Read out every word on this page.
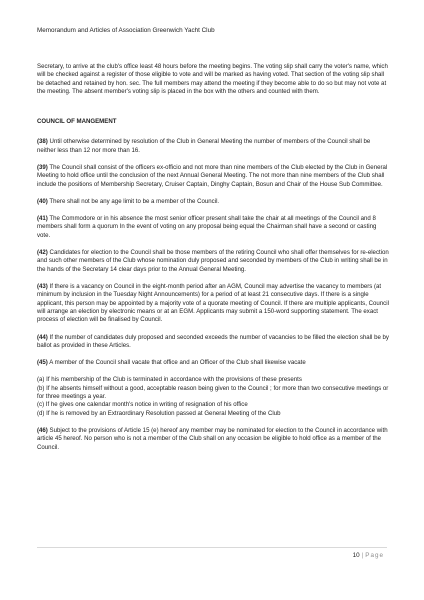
Memorandum and Articles of Association Greenwich Yacht Club

Secretary, to arrive at the club's office least 48 hours before the meeting begins. The voting slip shall carry the voter's name, which will be checked against a register of those eligible to vote and will be marked as having voted. That section of the voting slip shall be detached and retained by hon. sec. The full members may attend the meeting if they become able to do so but may not vote at the meeting. The absent member's voting slip is placed in the box with the others and counted with them.

COUNCIL OF MANGEMENT

(38) Until otherwise determined by resolution of the Club in General Meeting the number of members of the Council shall be neither less than 12 nor more than 16.

(39) The Council shall consist of the officers ex-officio and not more than nine members of the Club elected by the Club in General Meeting to hold office until the conclusion of the next Annual General Meeting. The not more than nine members of the Club shall include the positions of Membership Secretary, Cruiser Captain, Dinghy Captain, Bosun and Chair of the House Sub Committee.

(40) There shall not be any age limit to be a member of the Council.

(41) The Commodore or in his absence the most senior officer present shall take the chair at all meetings of the Council and 8 members shall form a quorum In the event of voting on any proposal being equal the Chairman shall have a second or casting vote.

(42) Candidates for election to the Council shall be those members of the retiring Council who shall offer themselves for re-election and such other members of the Club whose nomination duly proposed and seconded by members of the Club in writing shall be in the hands of the Secretary 14 clear days prior to the Annual General Meeting.

(43) If there is a vacancy on Council in the eight-month period after an AGM, Council may advertise the vacancy to members (at minimum by inclusion in the Tuesday Night Announcements) for a period of at least 21 consecutive days. If there is a single applicant, this person may be appointed by a majority vote of a quorate meeting of Council. If there are multiple applicants, Council will arrange an election by electronic means or at an EGM. Applicants may submit a 150-word supporting statement. The exact process of election will be finalised by Council.

(44) If the number of candidates duly proposed and seconded exceeds the number of vacancies to be filled the election shall be by ballot as provided in these Articles.

(45) A member of the Council shall vacate that office and an Officer of the Club shall likewise vacate

(a) If his membership of the Club is terminated in accordance with the provisions of these presents

(b) If he absents himself without a good, acceptable reason being given to the Council ; for more than two consecutive meetings or for three meetings a year.

(c) If he gives one calendar month's notice in writing of resignation of his office

(d) If he is removed by an Extraordinary Resolution passed at General Meeting of the Club

(46) Subject to the provisions of Article 15 (e) hereof any member may be nominated for election to the Council in accordance with article 45 hereof. No person who is not a member of the Club shall on any occasion be eligible to hold office as a member of the Council.

10 | Page
